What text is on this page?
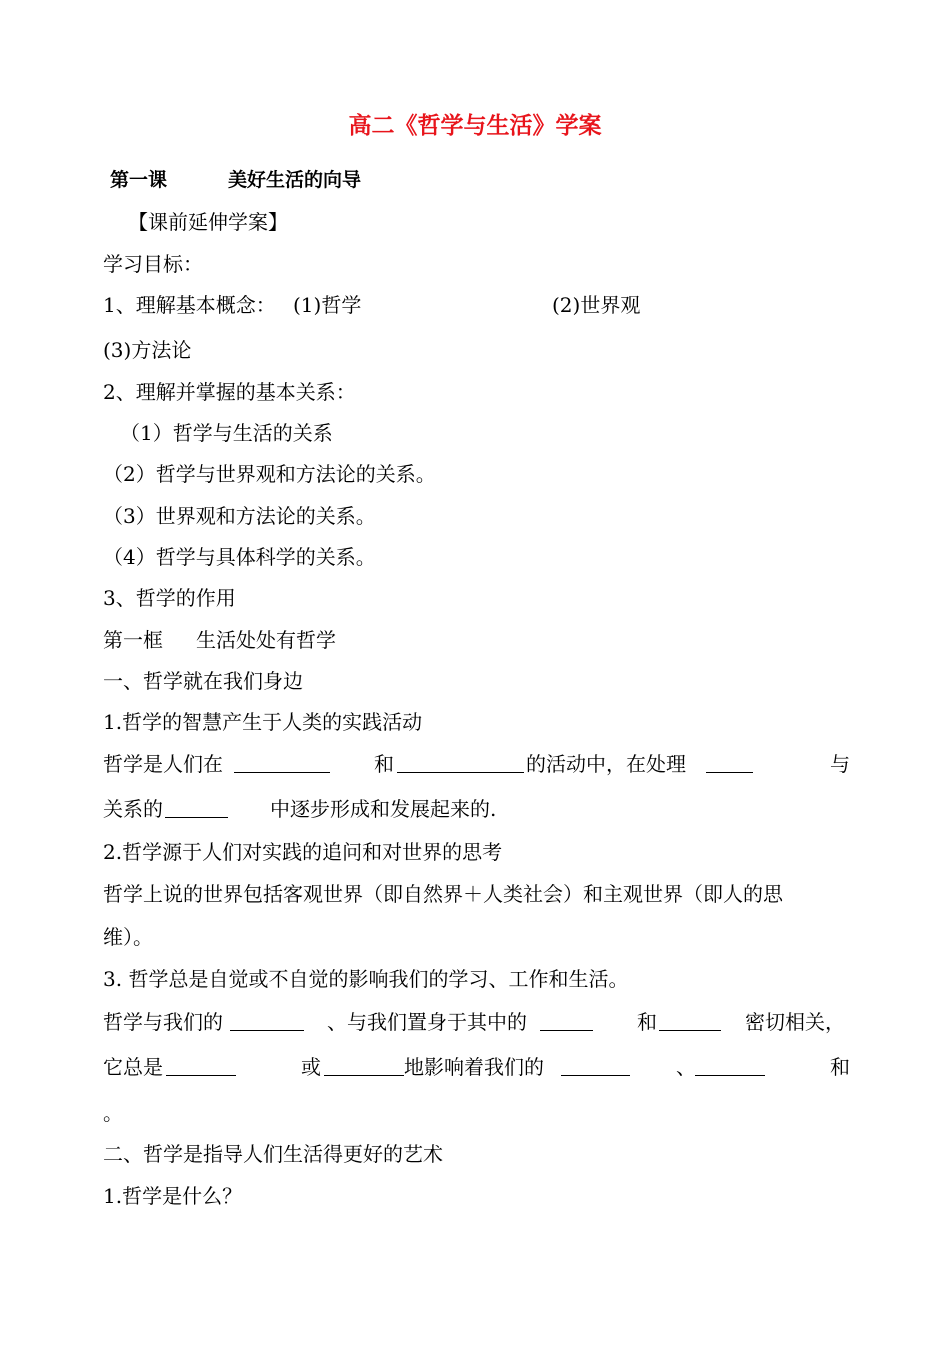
高二《哲学与生活》学案
第一课	美好生活的向导
【课前延伸学案】
学习目标：
1、理解基本概念： (1)哲学	(2)世界观
(3)方法论
2、理解并掌握的基本关系：
（1）哲学与生活的关系
（2）哲学与世界观和方法论的关系。
（3）世界观和方法论的关系。
（4）哲学与具体科学的关系。
3、哲学的作用
第一框 生活处处有哲学
一、哲学就在我们身边
1.哲学的智慧产生于人类的实践活动
哲学是人们在	和	的活动中，在处理	与
关系的	中逐步形成和发展起来的.
2.哲学源于人们对实践的追问和对世界的思考
哲学上说的世界包括客观世界（即自然界＋人类社会）和主观世界（即人的思
维）。
3. 哲学总是自觉或不自觉的影响我们的学习、工作和生活。
哲学与我们的	、与我们置身于其中的	和	密切相关，
它总是	或	地影响着我们的	、	和
。
二、哲学是指导人们生活得更好的艺术
1.哲学是什么？
